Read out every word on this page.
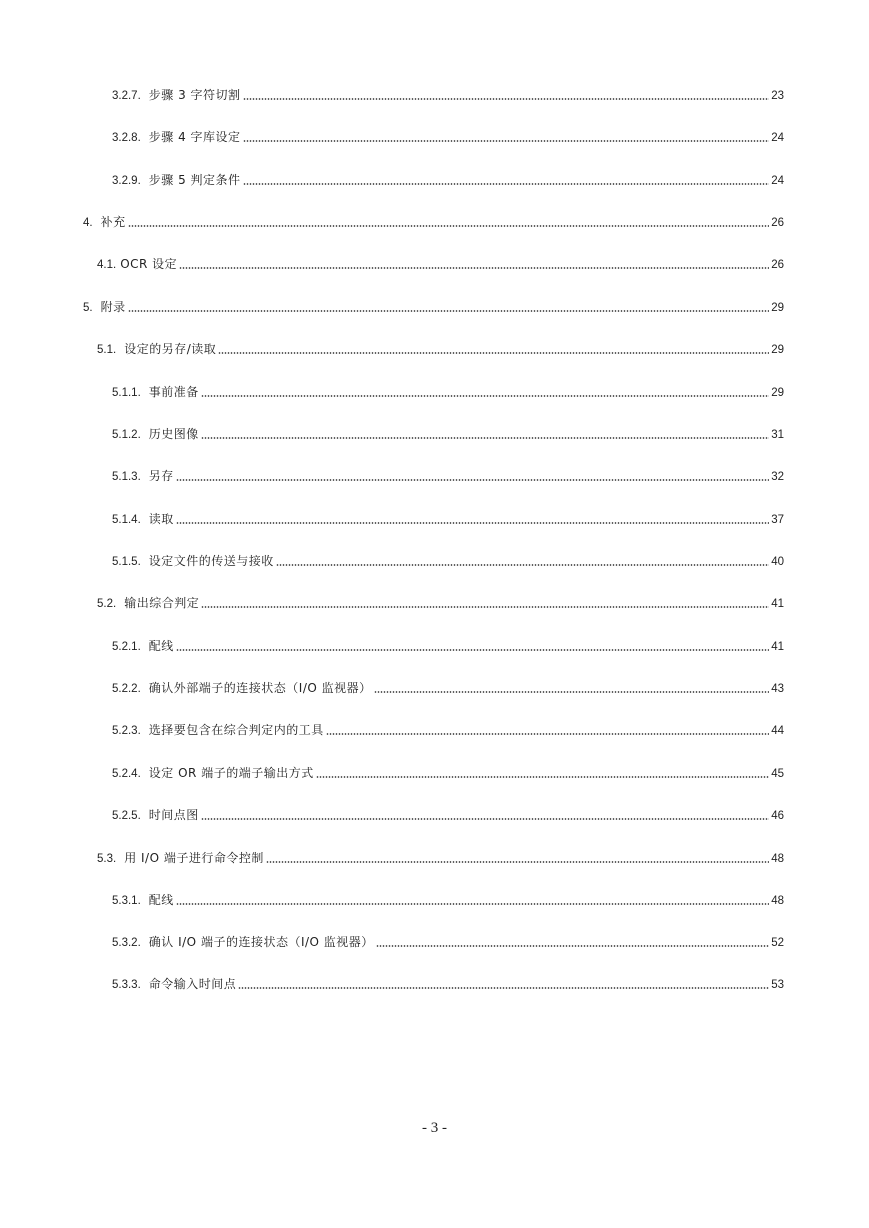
3.2.7. 步骤 3 字符切割	23
3.2.8. 步骤 4 字库设定	24
3.2.9. 步骤 5 判定条件	24
4. 补充	26
4.1. OCR 设定	26
5. 附录	29
5.1. 设定的另存/读取	29
5.1.1. 事前准备	29
5.1.2. 历史图像	31
5.1.3. 另存	32
5.1.4. 读取	37
5.1.5. 设定文件的传送与接收	40
5.2. 输出综合判定	41
5.2.1. 配线	41
5.2.2. 确认外部端子的连接状态（I/O 监视器）	43
5.2.3. 选择要包含在综合判定内的工具	44
5.2.4. 设定 OR 端子的端子输出方式	45
5.2.5. 时间点图	46
5.3. 用 I/O 端子进行命令控制	48
5.3.1. 配线	48
5.3.2. 确认 I/O 端子的连接状态（I/O 监视器）	52
5.3.3. 命令输入时间点	53
- 3 -
